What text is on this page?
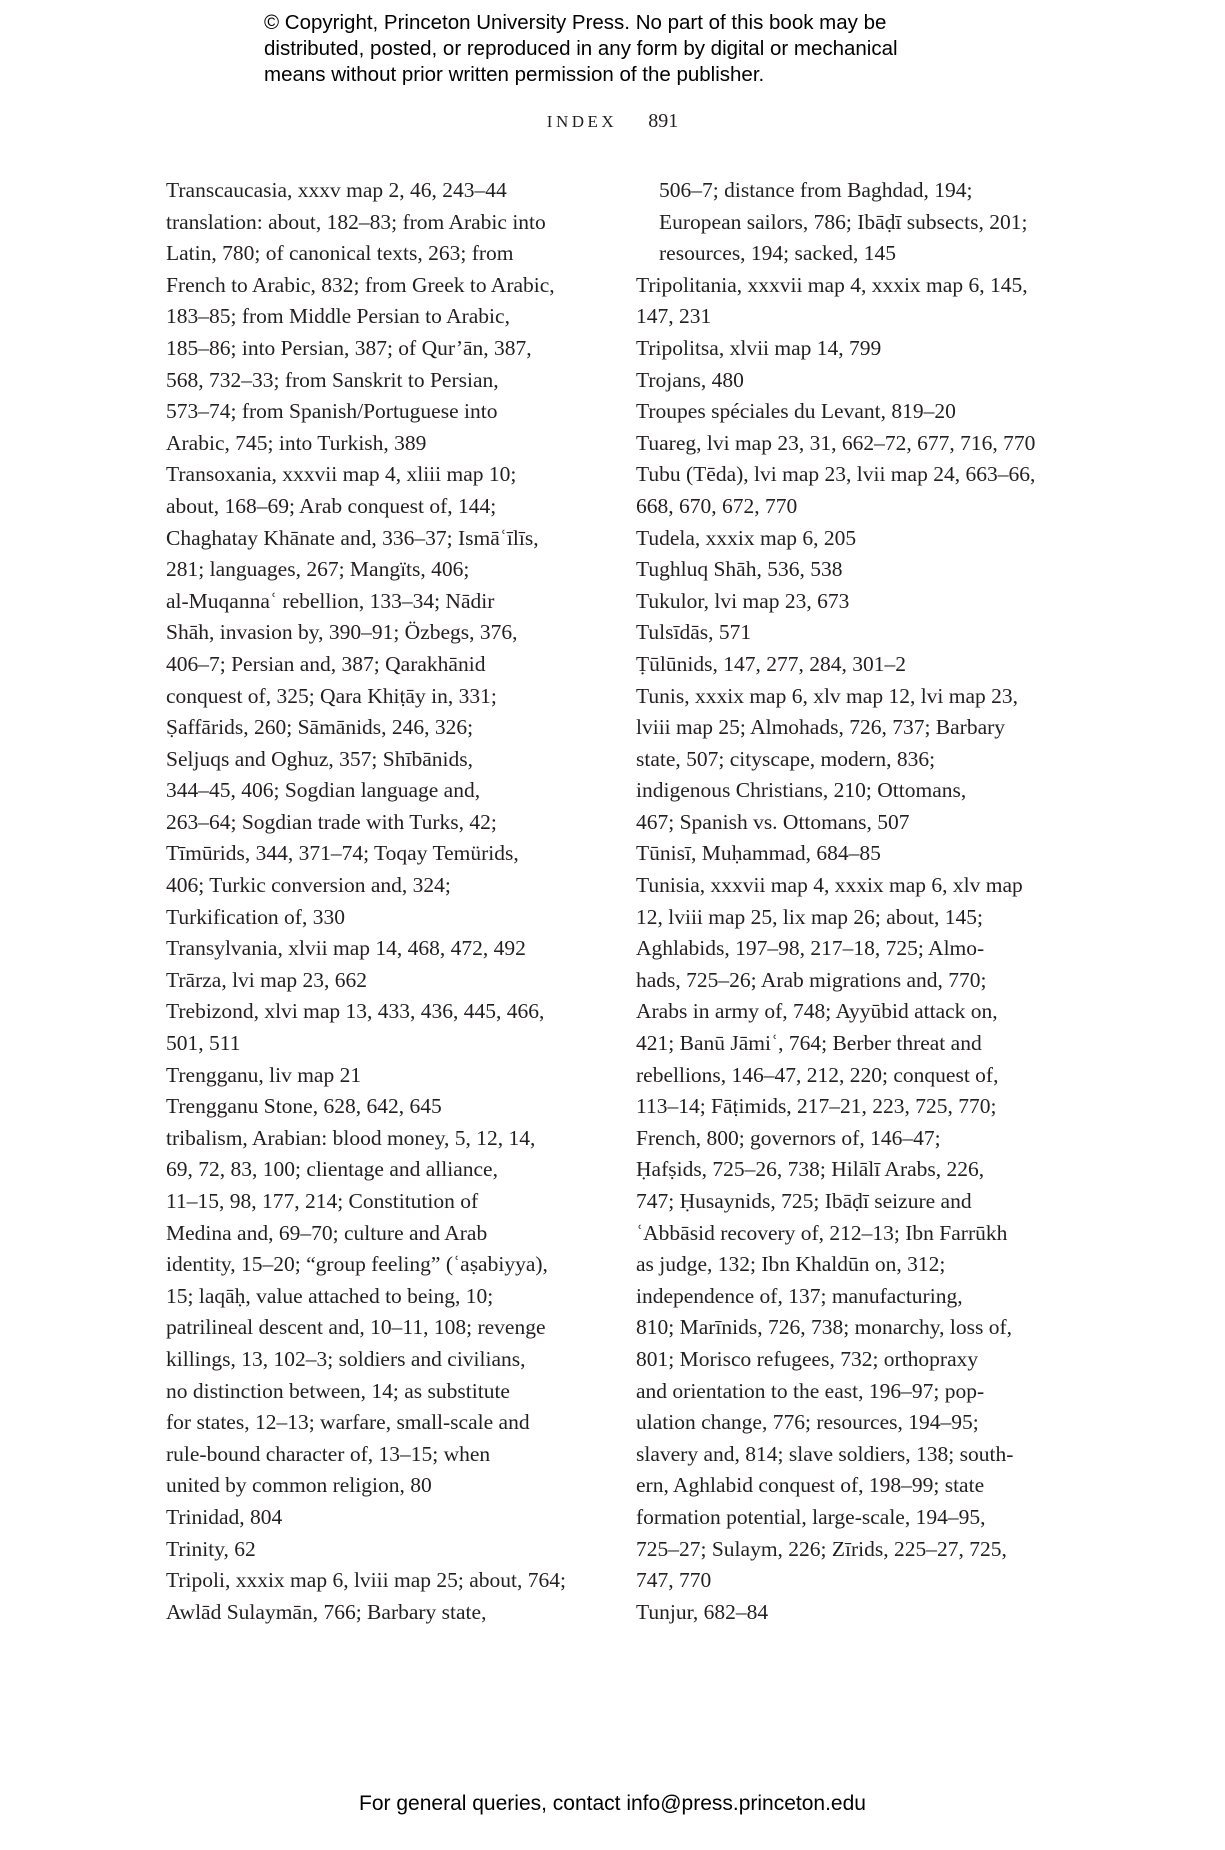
© Copyright, Princeton University Press. No part of this book may be
distributed, posted, or reproduced in any form by digital or mechanical
means without prior written permission of the publisher.
INDEX 891
Transcaucasia, xxxv map 2, 46, 243–44
translation: about, 182–83; from Arabic into
Latin, 780; of canonical texts, 263; from
French to Arabic, 832; from Greek to Arabic,
183–85; from Middle Persian to Arabic,
185–86; into Persian, 387; of Qur’ān, 387,
568, 732–33; from Sanskrit to Persian,
573–74; from Spanish/Portuguese into
Arabic, 745; into Turkish, 389
Transoxania, xxxvii map 4, xliii map 10;
about, 168–69; Arab conquest of, 144;
Chaghatay Khānate and, 336–37; Ismāʿīlīs,
281; languages, 267; Mangïts, 406;
al-Muqannaʿ rebellion, 133–34; Nādir
Shāh, invasion by, 390–91; Özbegs, 376,
406–7; Persian and, 387; Qarakhānid
conquest of, 325; Qara Khiṭāy in, 331;
Ṣaffārids, 260; Sāmānids, 246, 326;
Seljuqs and Oghuz, 357; Shībānids,
344–45, 406; Sogdian language and,
263–64; Sogdian trade with Turks, 42;
Tīmūrids, 344, 371–74; Toqay Temürids,
406; Turkic conversion and, 324;
Turkification of, 330
Transylvania, xlvii map 14, 468, 472, 492
Trārza, lvi map 23, 662
Trebizond, xlvi map 13, 433, 436, 445, 466,
501, 511
Trengganu, liv map 21
Trengganu Stone, 628, 642, 645
tribalism, Arabian: blood money, 5, 12, 14,
69, 72, 83, 100; clientage and alliance,
11–15, 98, 177, 214; Constitution of
Medina and, 69–70; culture and Arab
identity, 15–20; “group feeling” (ʿaṣabiyya),
15; laqāḥ, value attached to being, 10;
patrilineal descent and, 10–11, 108; revenge
killings, 13, 102–3; soldiers and civilians,
no distinction between, 14; as substitute
for states, 12–13; warfare, small-scale and
rule-bound character of, 13–15; when
united by common religion, 80
Trinidad, 804
Trinity, 62
Tripoli, xxxix map 6, lviii map 25; about, 764;
Awlād Sulaymān, 766; Barbary state,
506–7; distance from Baghdad, 194;
European sailors, 786; Ibāḍī subsects, 201;
resources, 194; sacked, 145
Tripolitania, xxxvii map 4, xxxix map 6, 145,
147, 231
Tripolitsa, xlvii map 14, 799
Trojans, 480
Troupes spéciales du Levant, 819–20
Tuareg, lvi map 23, 31, 662–72, 677, 716, 770
Tubu (Tēda), lvi map 23, lvii map 24, 663–66,
668, 670, 672, 770
Tudela, xxxix map 6, 205
Tughluq Shāh, 536, 538
Tukulor, lvi map 23, 673
Tulsīdās, 571
Ṭūlūnids, 147, 277, 284, 301–2
Tunis, xxxix map 6, xlv map 12, lvi map 23,
lviii map 25; Almohads, 726, 737; Barbary
state, 507; cityscape, modern, 836;
indigenous Christians, 210; Ottomans,
467; Spanish vs. Ottomans, 507
Tūnisī, Muḥammad, 684–85
Tunisia, xxxvii map 4, xxxix map 6, xlv map
12, lviii map 25, lix map 26; about, 145;
Aghlabids, 197–98, 217–18, 725; Almo-
hads, 725–26; Arab migrations and, 770;
Arabs in army of, 748; Ayyūbid attack on,
421; Banū Jāmiʿ, 764; Berber threat and
rebellions, 146–47, 212, 220; conquest of,
113–14; Fāṭimids, 217–21, 223, 725, 770;
French, 800; governors of, 146–47;
Ḥafṣids, 725–26, 738; Hilālī Arabs, 226,
747; Ḥusaynids, 725; Ibāḍī seizure and
ʿAbbāsid recovery of, 212–13; Ibn Farrūkh
as judge, 132; Ibn Khaldūn on, 312;
independence of, 137; manufacturing,
810; Marīnids, 726, 738; monarchy, loss of,
801; Morisco refugees, 732; orthopraxy
and orientation to the east, 196–97; pop-
ulation change, 776; resources, 194–95;
slavery and, 814; slave soldiers, 138; south-
ern, Aghlabid conquest of, 198–99; state
formation potential, large-scale, 194–95,
725–27; Sulaym, 226; Zīrids, 225–27, 725,
747, 770
Tunjur, 682–84
For general queries, contact info@press.princeton.edu
